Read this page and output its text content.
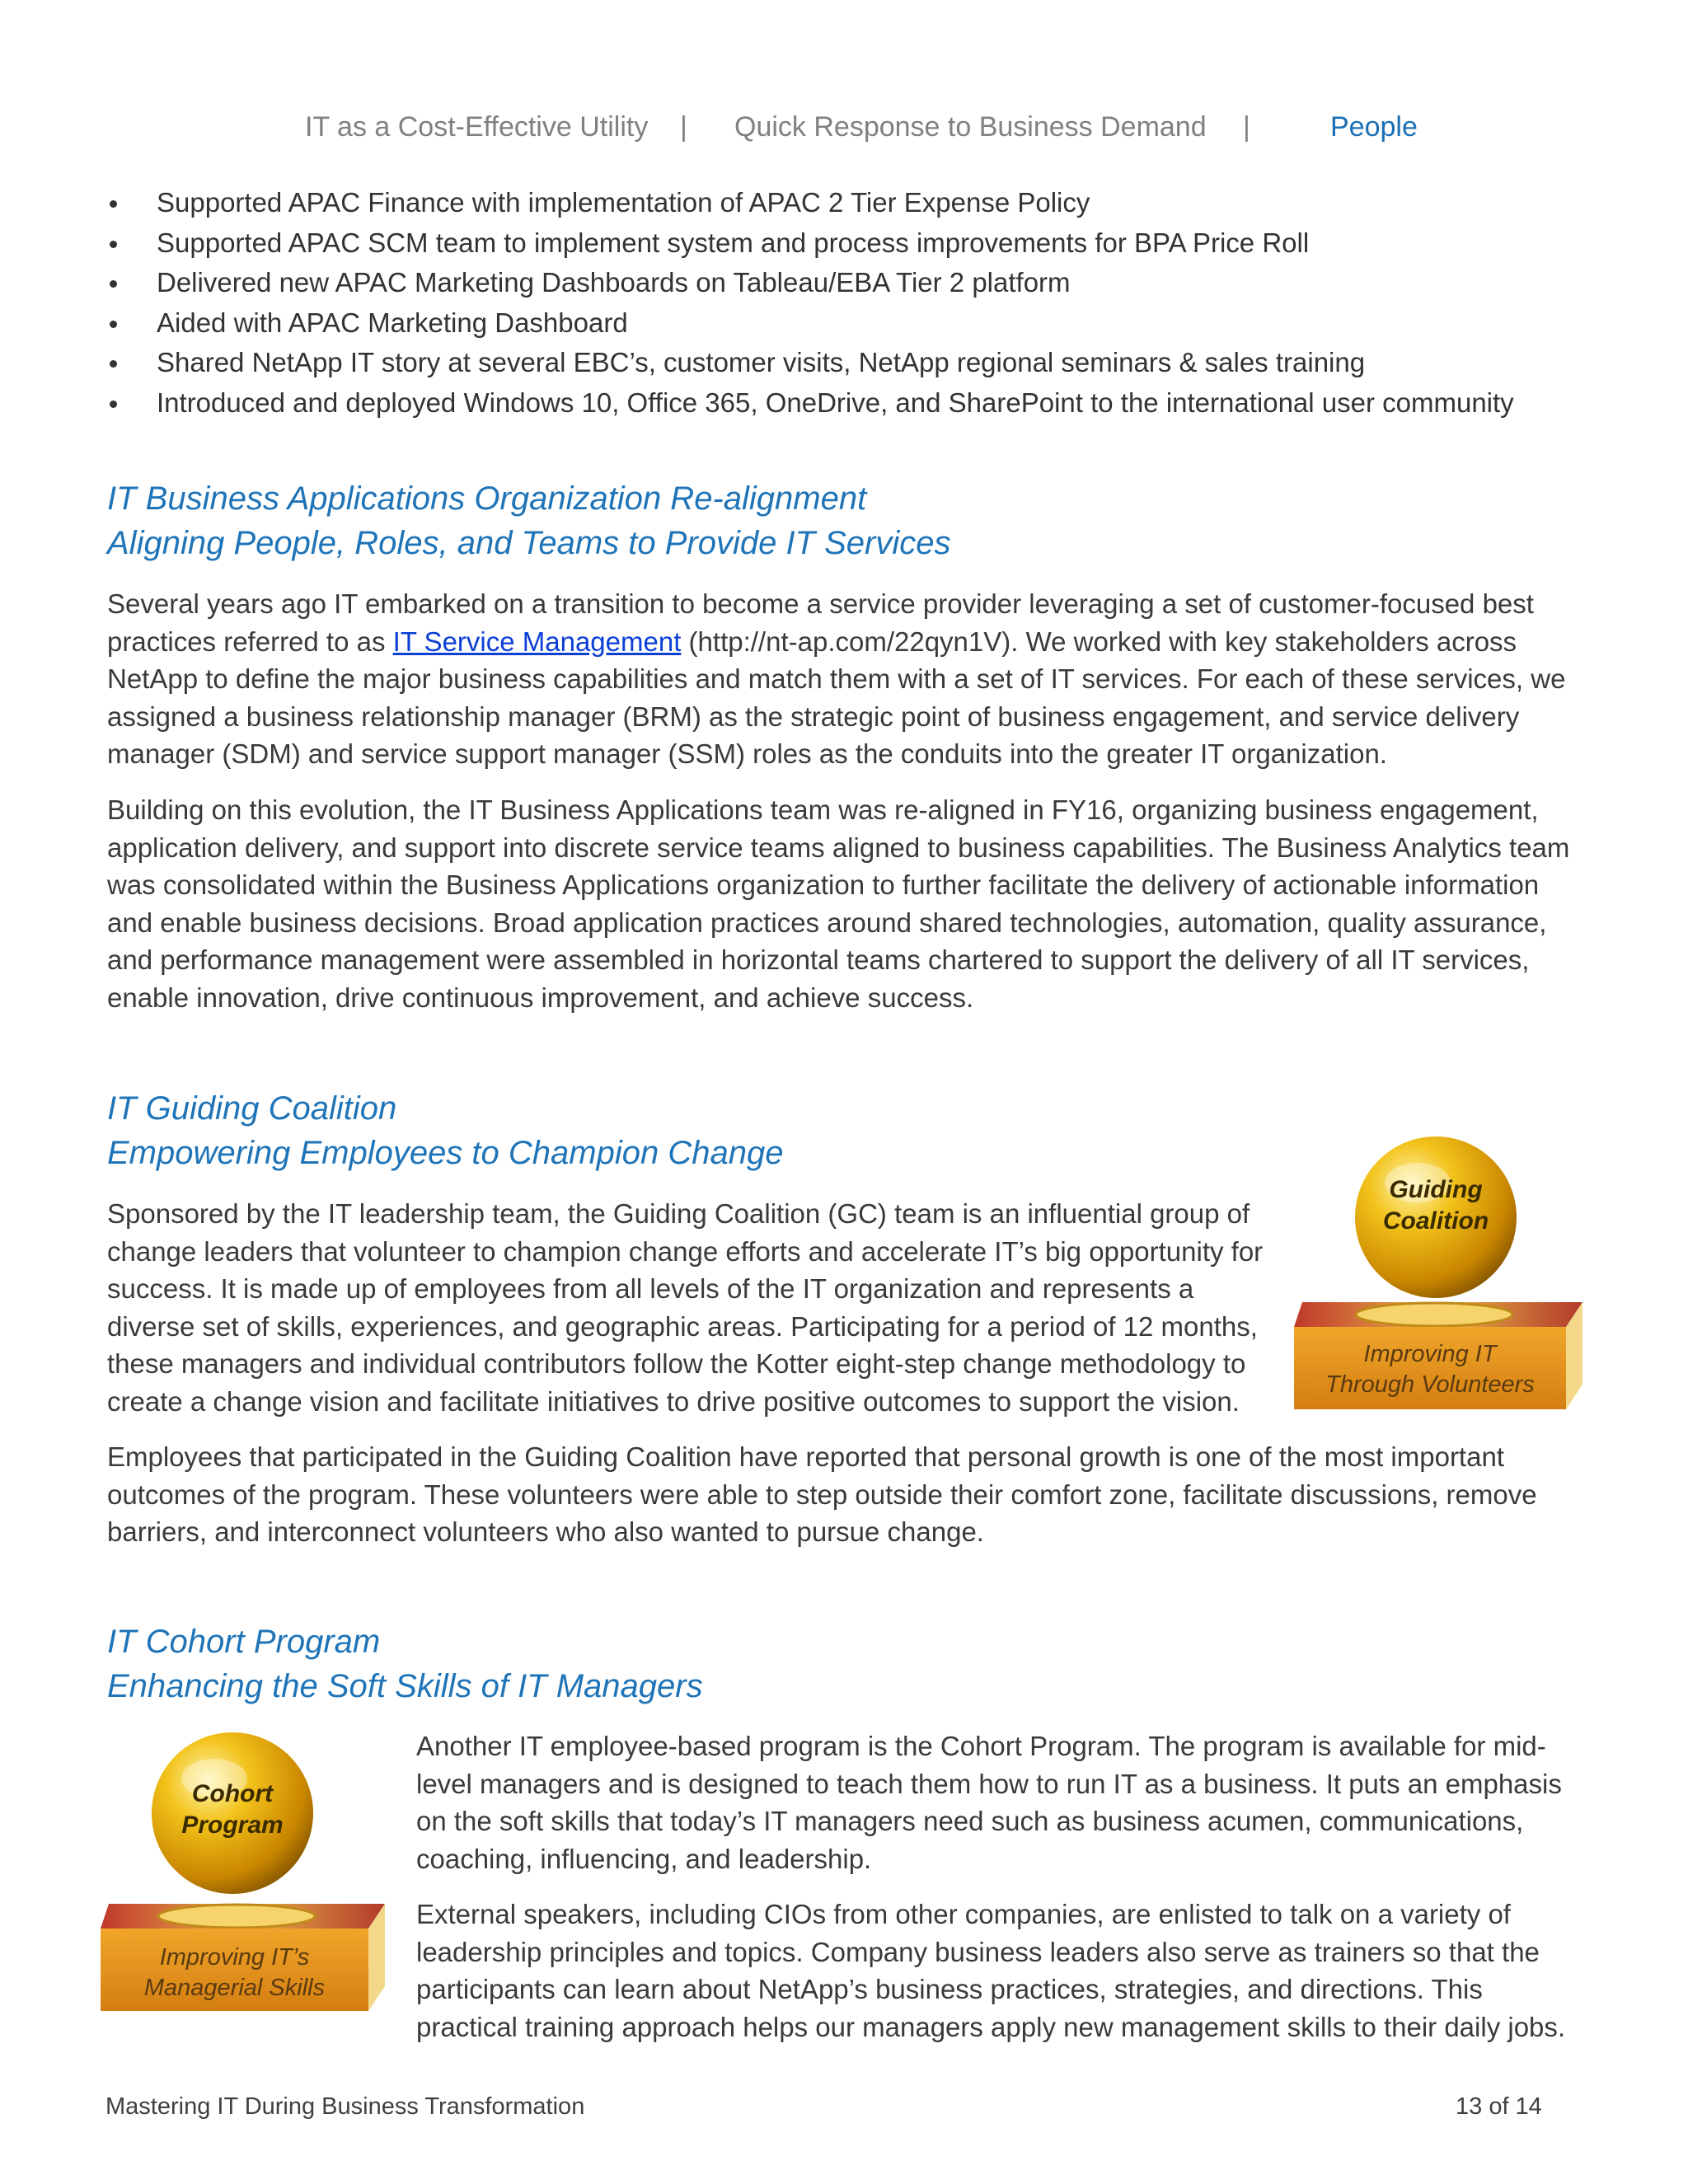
IT as a Cost-Effective Utility | Quick Response to Business Demand |	People
Supported APAC Finance with implementation of APAC 2 Tier Expense Policy
Supported APAC SCM team to implement system and process improvements for BPA Price Roll
Delivered new APAC Marketing Dashboards on Tableau/EBA Tier 2 platform
Aided with APAC Marketing Dashboard
Shared NetApp IT story at several EBC’s, customer visits, NetApp regional seminars & sales training
Introduced and deployed Windows 10, Office 365, OneDrive, and SharePoint to the international user community
IT Business Applications Organization Re-alignment
Aligning People, Roles, and Teams to Provide IT Services

Several years ago IT embarked on a transition to become a service provider leveraging a set of customer-focused best practices referred to as IT Service Management (http://nt-ap.com/22qyn1V). We worked with key stakeholders across NetApp to define the major business capabilities and match them with a set of IT services. For each of these services, we assigned a business relationship manager (BRM) as the strategic point of business engagement, and service delivery manager (SDM) and service support manager (SSM) roles as the conduits into the greater IT organization.

Building on this evolution, the IT Business Applications team was re-aligned in FY16, organizing business engagement, application delivery, and support into discrete service teams aligned to business capabilities. The Business Analytics team was consolidated within the Business Applications organization to further facilitate the delivery of actionable information and enable business decisions. Broad application practices around shared technologies, automation, quality assurance, and performance management were assembled in horizontal teams chartered to support the delivery of all IT services, enable innovation, drive continuous improvement, and achieve success.

IT Guiding Coalition
Empowering Employees to Champion Change

Sponsored by the IT leadership team, the Guiding Coalition (GC) team is an influential group of change leaders that volunteer to champion change efforts and accelerate IT’s big opportunity for success. It is made up of employees from all levels of the IT organization and represents a diverse set of skills, experiences, and geographic areas. Participating for a period of 12 months, these managers and individual contributors follow the Kotter eight-step change methodology to create a change vision and facilitate initiatives to drive positive outcomes to support the vision.

Employees that participated in the Guiding Coalition have reported that personal growth is one of the most important outcomes of the program. These volunteers were able to step outside their comfort zone, facilitate discussions, remove barriers, and interconnect volunteers who also wanted to pursue change.

Guiding
Coalition
Improving IT
Through Volunteers
IT Cohort Program
Enhancing the Soft Skills of IT Managers

Another IT employee-based program is the Cohort Program. The program is available for mid-level managers and is designed to teach them how to run IT as a business. It puts an emphasis on the soft skills that today’s IT managers need such as business acumen, communications, coaching, influencing, and leadership.

External speakers, including CIOs from other companies, are enlisted to talk on a variety of leadership principles and topics. Company business leaders also serve as trainers so that the participants can learn about NetApp’s business practices, strategies, and directions. This practical training approach helps our managers apply new management skills to their daily jobs.

Cohort
Program
Improving IT’s
Managerial Skills
Mastering IT During Business Transformation	13 of 14
